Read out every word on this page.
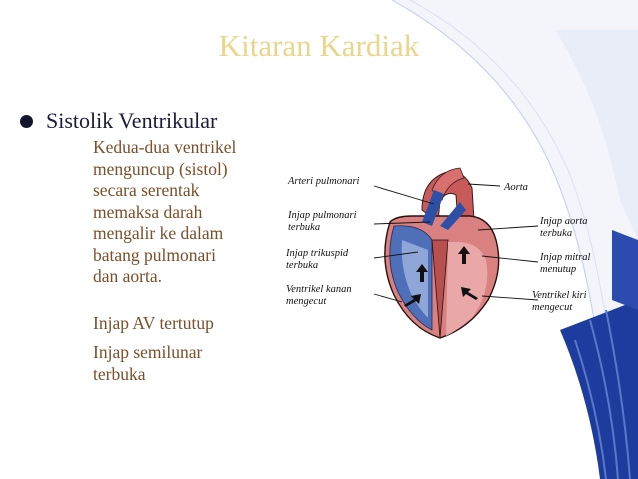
Kitaran Kardiak
Sistolik Ventrikular
Kedua-dua ventrikel
menguncup (sistol)
secara serentak
memaksa darah
mengalir ke dalam
batang pulmonari
dan aorta.
Injap AV tertutup
Injap semilunar
terbuka
Arteri pulmonari
Aorta
Injap pulmonari
terbuka
Injap trikuspid
terbuka
Ventrikel kanan
mengecut
Injap aorta
terbuka
Injap mitral
menutup
Ventrikel kiri
mengecut
